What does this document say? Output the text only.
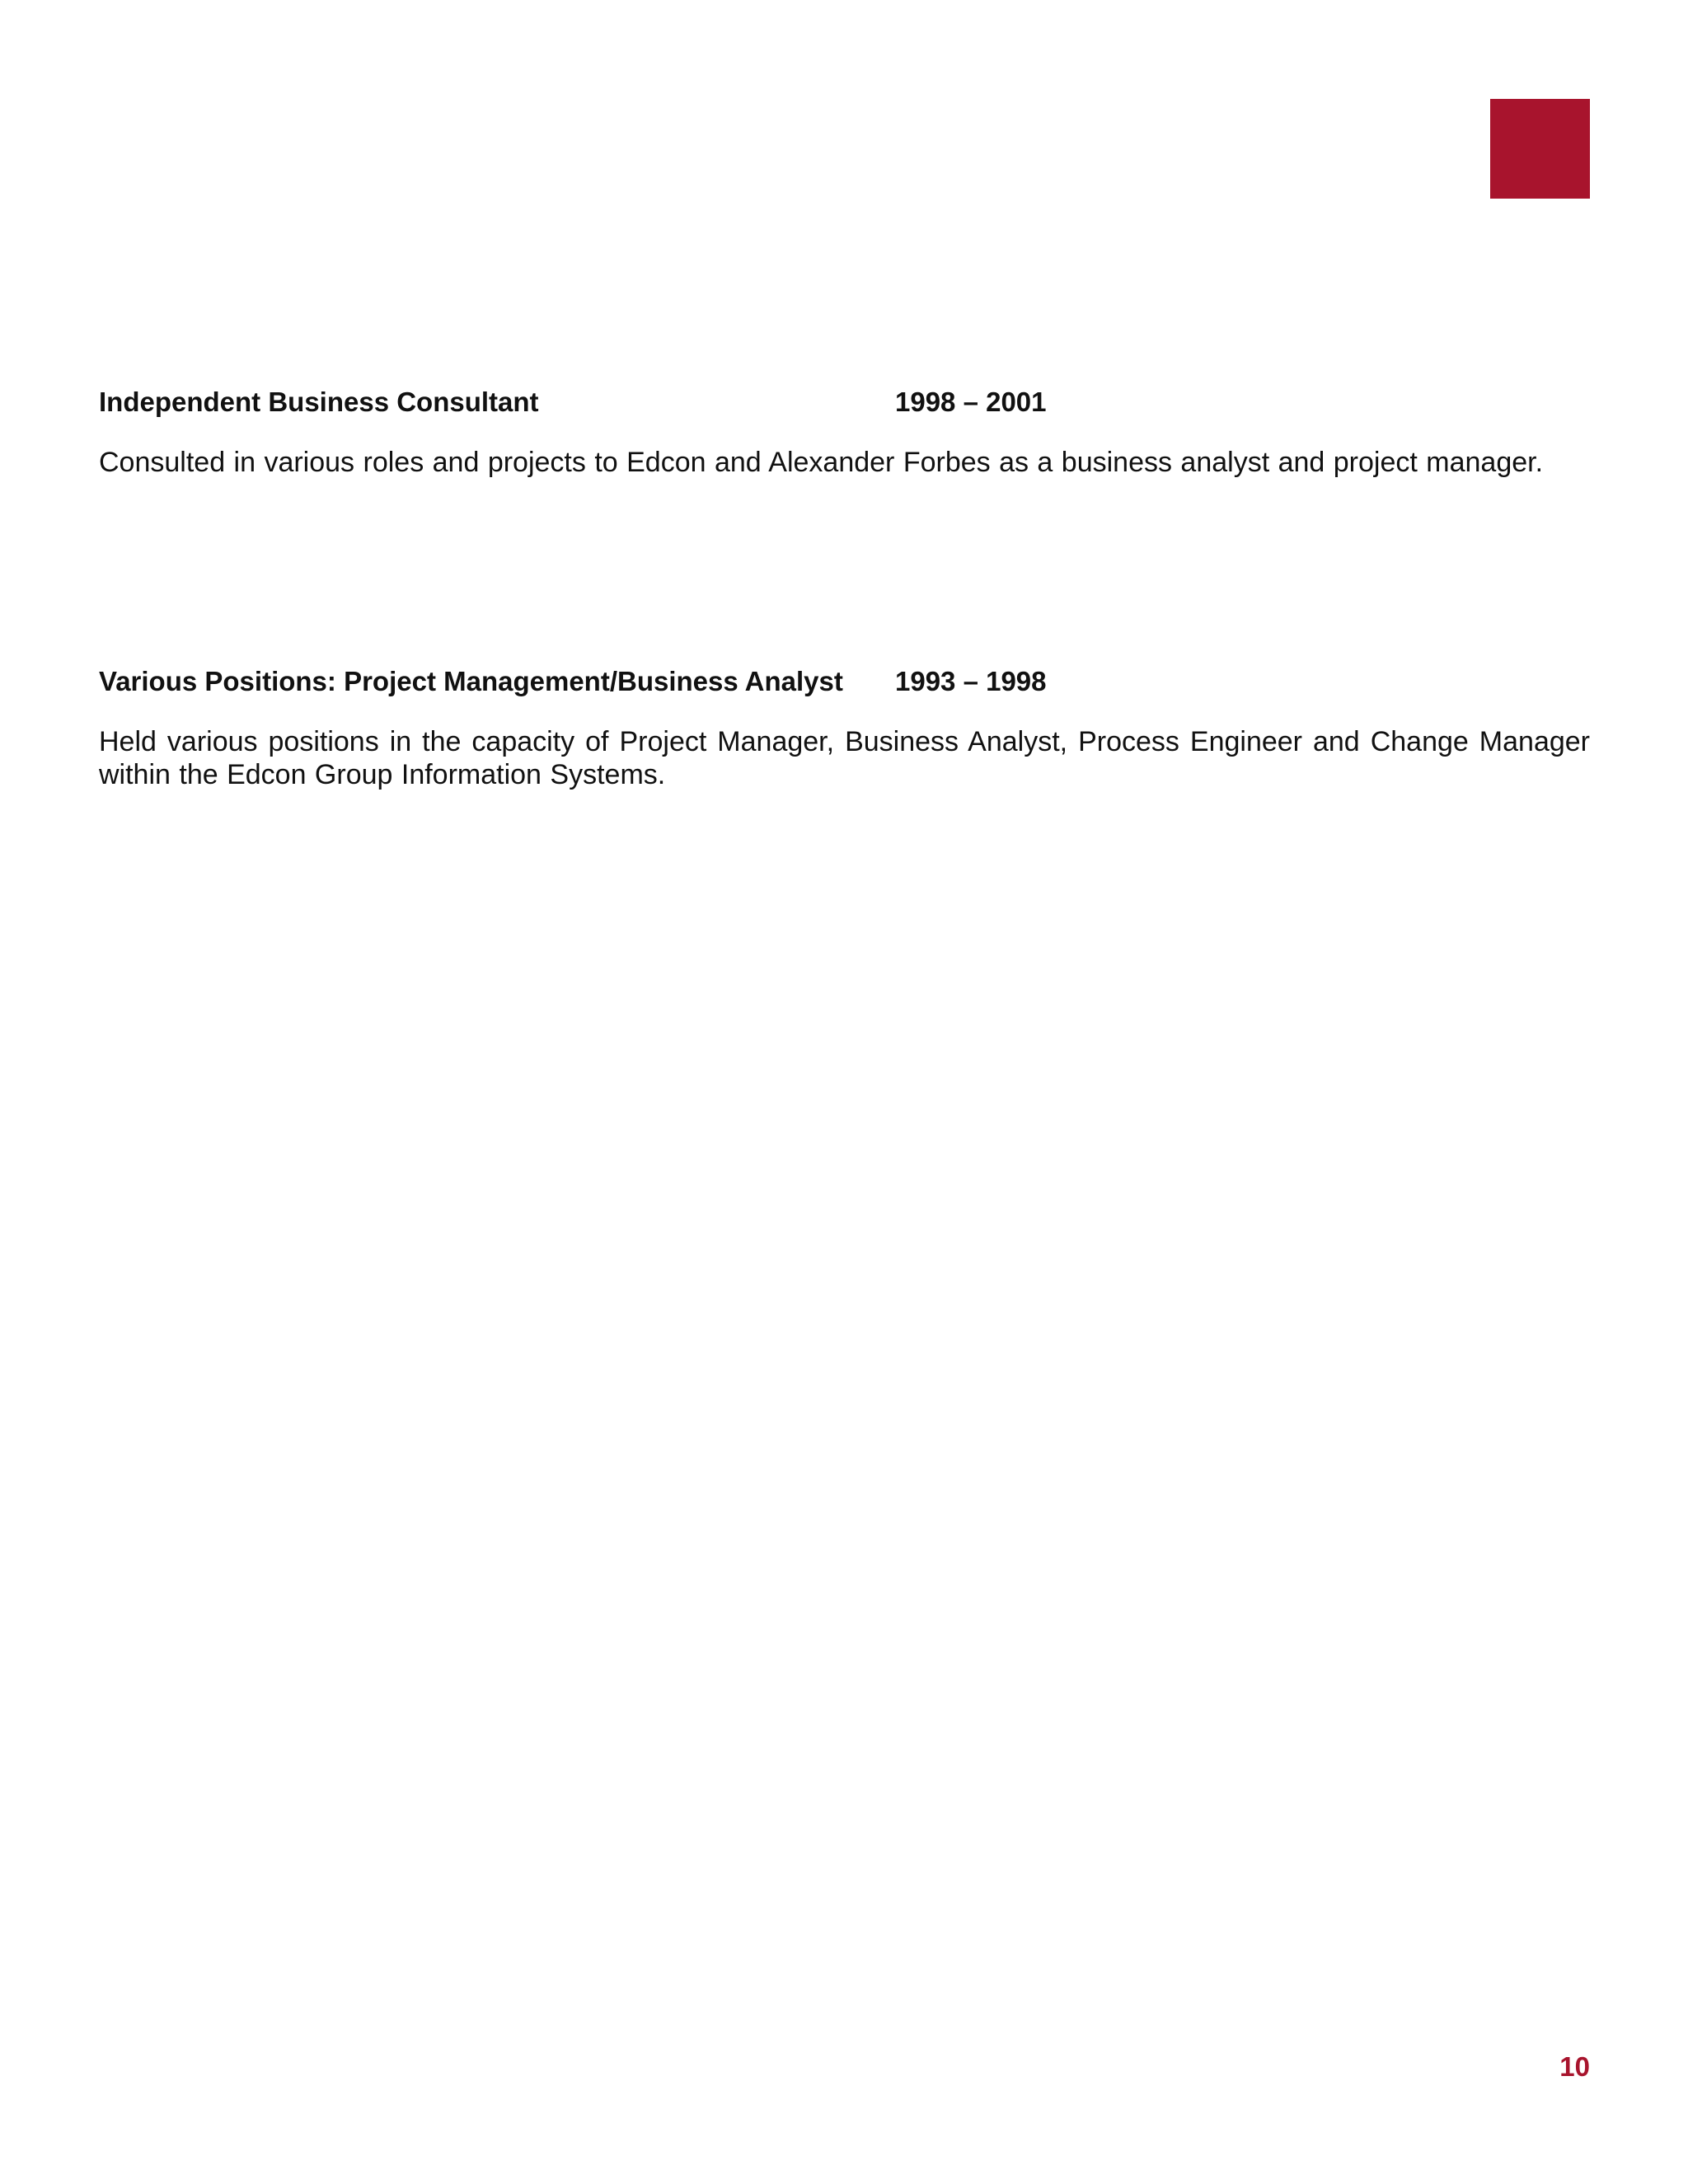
Independent Business Consultant	1998 – 2001

Consulted in various roles and projects to Edcon and Alexander Forbes as a business analyst and project manager.

Various Positions: Project Management/Business Analyst 1993 – 1998

Held various positions in the capacity of Project Manager, Business Analyst, Process Engineer and Change Manager within the Edcon Group Information Systems.

10
